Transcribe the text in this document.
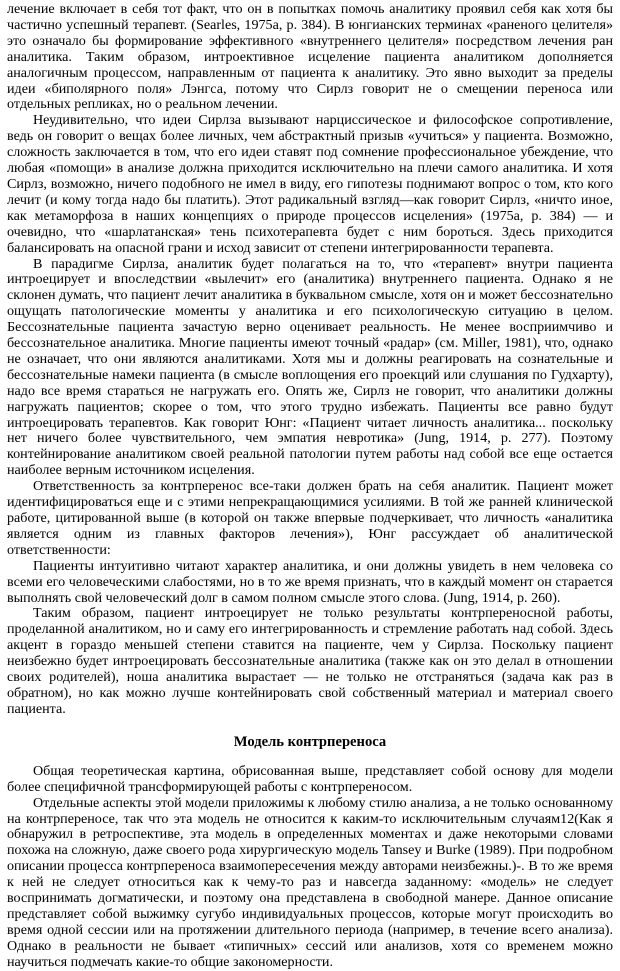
лечение включает в себя тот факт, что он в попытках помочь аналитику проявил себя как хотя бы частично успешный терапевт. (Searles, 1975а, p. 384). В юнгианских терминах «раненого целителя» это означало бы формирование эффективного «внутреннего целителя» посредством лечения ран аналитика. Таким образом, интроективное исцеление пациента аналитиком дополняется аналогичным процессом, направленным от пациента к аналитику. Это явно выходит за пределы идеи «биполярного поля» Лэнгса, потому что Сирлз говорит не о смещении переноса или отдельных репликах, но о реальном лечении.

Неудивительно, что идеи Сирлза вызывают нарциссическое и философское сопротивление, ведь он говорит о вещах более личных, чем абстрактный призыв «учиться» у пациента. Возможно, сложность заключается в том, что его идеи ставят под сомнение профессиональное убеждение, что любая «помощи» в анализе должна приходится исключительно на плечи самого аналитика. И хотя Сирлз, возможно, ничего подобного не имел в виду, его гипотезы поднимают вопрос о том, кто кого лечит (и кому тогда надо бы платить). Этот радикальный взгляд—как говорит Сирлз, «ничто иное, как метаморфоза в наших концепциях о природе процессов исцеления» (1975а, p. 384) — и очевидно, что «шарлатанская» тень психотерапевта будет с ним бороться. Здесь приходится балансировать на опасной грани и исход зависит от степени интегрированности терапевта.

В парадигме Сирлза, аналитик будет полагаться на то, что «терапевт» внутри пациента интроецирует и впоследствии «вылечит» его (аналитика) внутреннего пациента. Однако я не склонен думать, что пациент лечит аналитика в буквальном смысле, хотя он и может бессознательно ощущать патологические моменты у аналитика и его психологическую ситуацию в целом. Бессознательные пациента зачастую верно оценивает реальность. Не менее восприимчиво и бессознательное аналитика. Многие пациенты имеют точный «радар» (см. Miller, 1981), что, однако не означает, что они являются аналитиками. Хотя мы и должны реагировать на сознательные и бессознательные намеки пациента (в смысле воплощения его проекций или слушания по Гудхарту), надо все время стараться не нагружать его. Опять же, Сирлз не говорит, что аналитики должны нагружать пациентов; скорее о том, что этого трудно избежать. Пациенты все равно будут интроецировать терапевтов. Как говорит Юнг: «Пациент читает личность аналитика... поскольку нет ничего более чувствительного, чем эмпатия невротика» (Jung, 1914, p. 277). Поэтому контейнирование аналитиком своей реальной патологии путем работы над собой все еще остается наиболее верным источником исцеления.

Ответственность за контрперенос все-таки должен брать на себя аналитик. Пациент может идентифицироваться еще и с этими непрекращающимися усилиями. В той же ранней клинической работе, цитированной выше (в которой он также впервые подчеркивает, что личность «аналитика является одним из главных факторов лечения»), Юнг рассуждает об аналитической ответственности:

Пациенты интуитивно читают характер аналитика, и они должны увидеть в нем человека со всеми его человеческими слабостями, но в то же время признать, что в каждый момент он старается выполнять свой человеческий долг в самом полном смысле этого слова. (Jung, 1914, p. 260).

Таким образом, пациент интроецирует не только результаты контрпереносной работы, проделанной аналитиком, но и саму его интегрированность и стремление работать над собой. Здесь акцент в гораздо меньшей степени ставится на пациенте, чем у Сирлза. Поскольку пациент неизбежно будет интроецировать бессознательные аналитика (также как он это делал в отношении своих родителей), ноша аналитика вырастает — не только не отстраняться (задача как раз в обратном), но как можно лучше контейнировать свой собственный материал и материал своего пациента.

Модель контрпереноса

Общая теоретическая картина, обрисованная выше, представляет собой основу для модели более специфичной трансформирующей работы с контрпереносом.

Отдельные аспекты этой модели приложимы к любому стилю анализа, а не только основанному на контрпереносе, так что эта модель не относится к каким-то исключительным случаям12(Как я обнаружил в ретроспективе, эта модель в определенных моментах и даже некоторыми словами похожа на сложную, даже своего рода хирургическую модель Tansey и Burke (1989). При подробном описании процесса контрпереноса взаимопересечения между авторами неизбежны.)-. В то же время к ней не следует относиться как к чему-то раз и навсегда заданному: «модель» не следует воспринимать догматически, и поэтому она представлена в свободной манере. Данное описание представляет собой выжимку сугубо индивидуальных процессов, которые могут происходить во время одной сессии или на протяжении длительного периода (например, в течение всего анализа). Однако в реальности не бывает «типичных» сессий или анализов, хотя со временем можно научиться подмечать какие-то общие закономерности.
